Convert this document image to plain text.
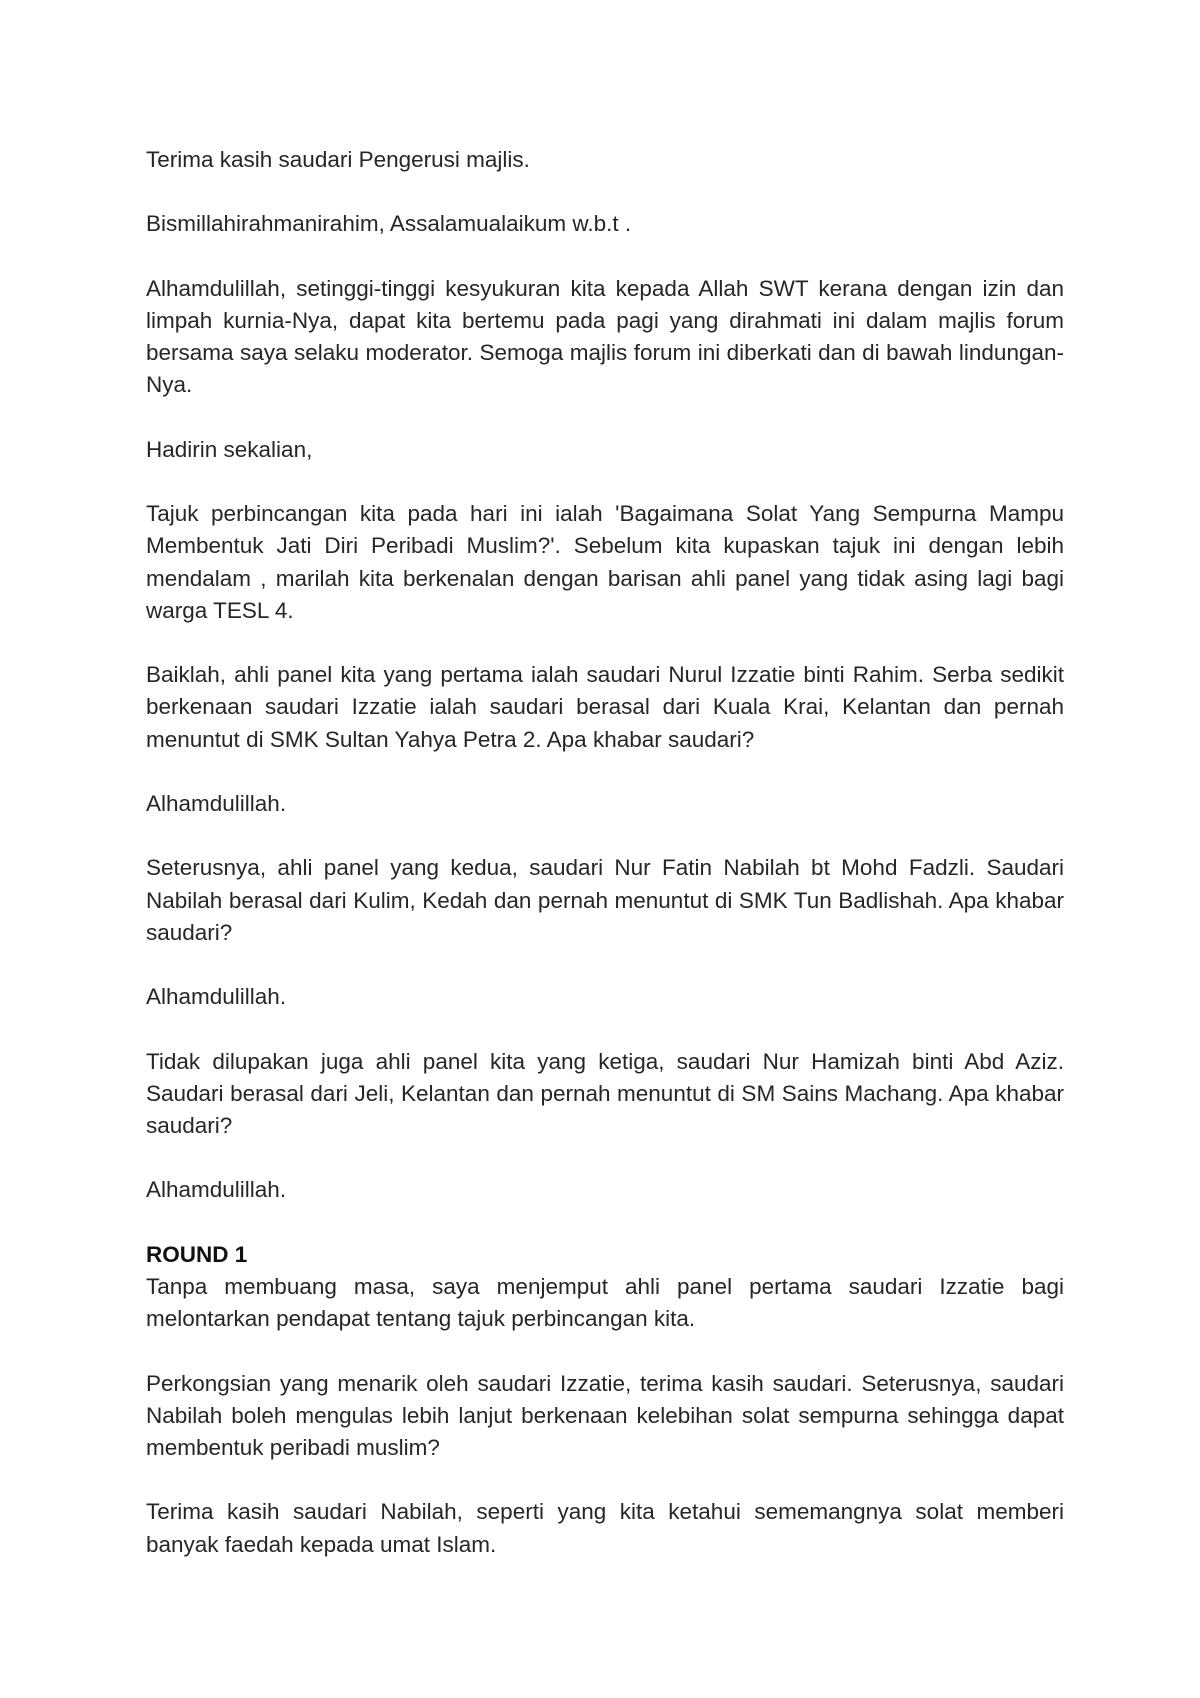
Terima kasih saudari Pengerusi majlis.

Bismillahirahmanirahim, Assalamualaikum w.b.t .

Alhamdulillah, setinggi-tinggi kesyukuran kita kepada Allah SWT kerana dengan izin dan limpah kurnia-Nya, dapat kita bertemu pada pagi yang dirahmati ini dalam majlis forum bersama saya selaku moderator. Semoga majlis forum ini diberkati dan di bawah lindungan-Nya.

Hadirin sekalian,

Tajuk perbincangan kita pada hari ini ialah 'Bagaimana Solat Yang Sempurna Mampu Membentuk Jati Diri Peribadi Muslim?'. Sebelum kita kupaskan tajuk ini dengan lebih mendalam , marilah kita berkenalan dengan barisan ahli panel yang tidak asing lagi bagi warga TESL 4.

Baiklah, ahli panel kita yang pertama ialah saudari Nurul Izzatie binti Rahim. Serba sedikit berkenaan saudari Izzatie ialah saudari berasal dari Kuala Krai, Kelantan dan pernah menuntut di SMK Sultan Yahya Petra 2. Apa khabar saudari?

Alhamdulillah.

Seterusnya, ahli panel yang kedua, saudari Nur Fatin Nabilah bt Mohd Fadzli. Saudari Nabilah berasal dari Kulim, Kedah dan pernah menuntut di SMK Tun Badlishah. Apa khabar saudari?

Alhamdulillah.

Tidak dilupakan juga ahli panel kita yang ketiga, saudari Nur Hamizah binti Abd Aziz. Saudari berasal dari Jeli, Kelantan dan pernah menuntut di SM Sains Machang. Apa khabar saudari?

Alhamdulillah.

ROUND 1

Tanpa membuang masa, saya menjemput ahli panel pertama saudari Izzatie bagi melontarkan pendapat tentang tajuk perbincangan kita.

Perkongsian yang menarik oleh saudari Izzatie, terima kasih saudari. Seterusnya, saudari Nabilah boleh mengulas lebih lanjut berkenaan kelebihan solat sempurna sehingga dapat membentuk peribadi muslim?

Terima kasih saudari Nabilah, seperti yang kita ketahui sememangnya solat memberi banyak faedah kepada umat Islam.
